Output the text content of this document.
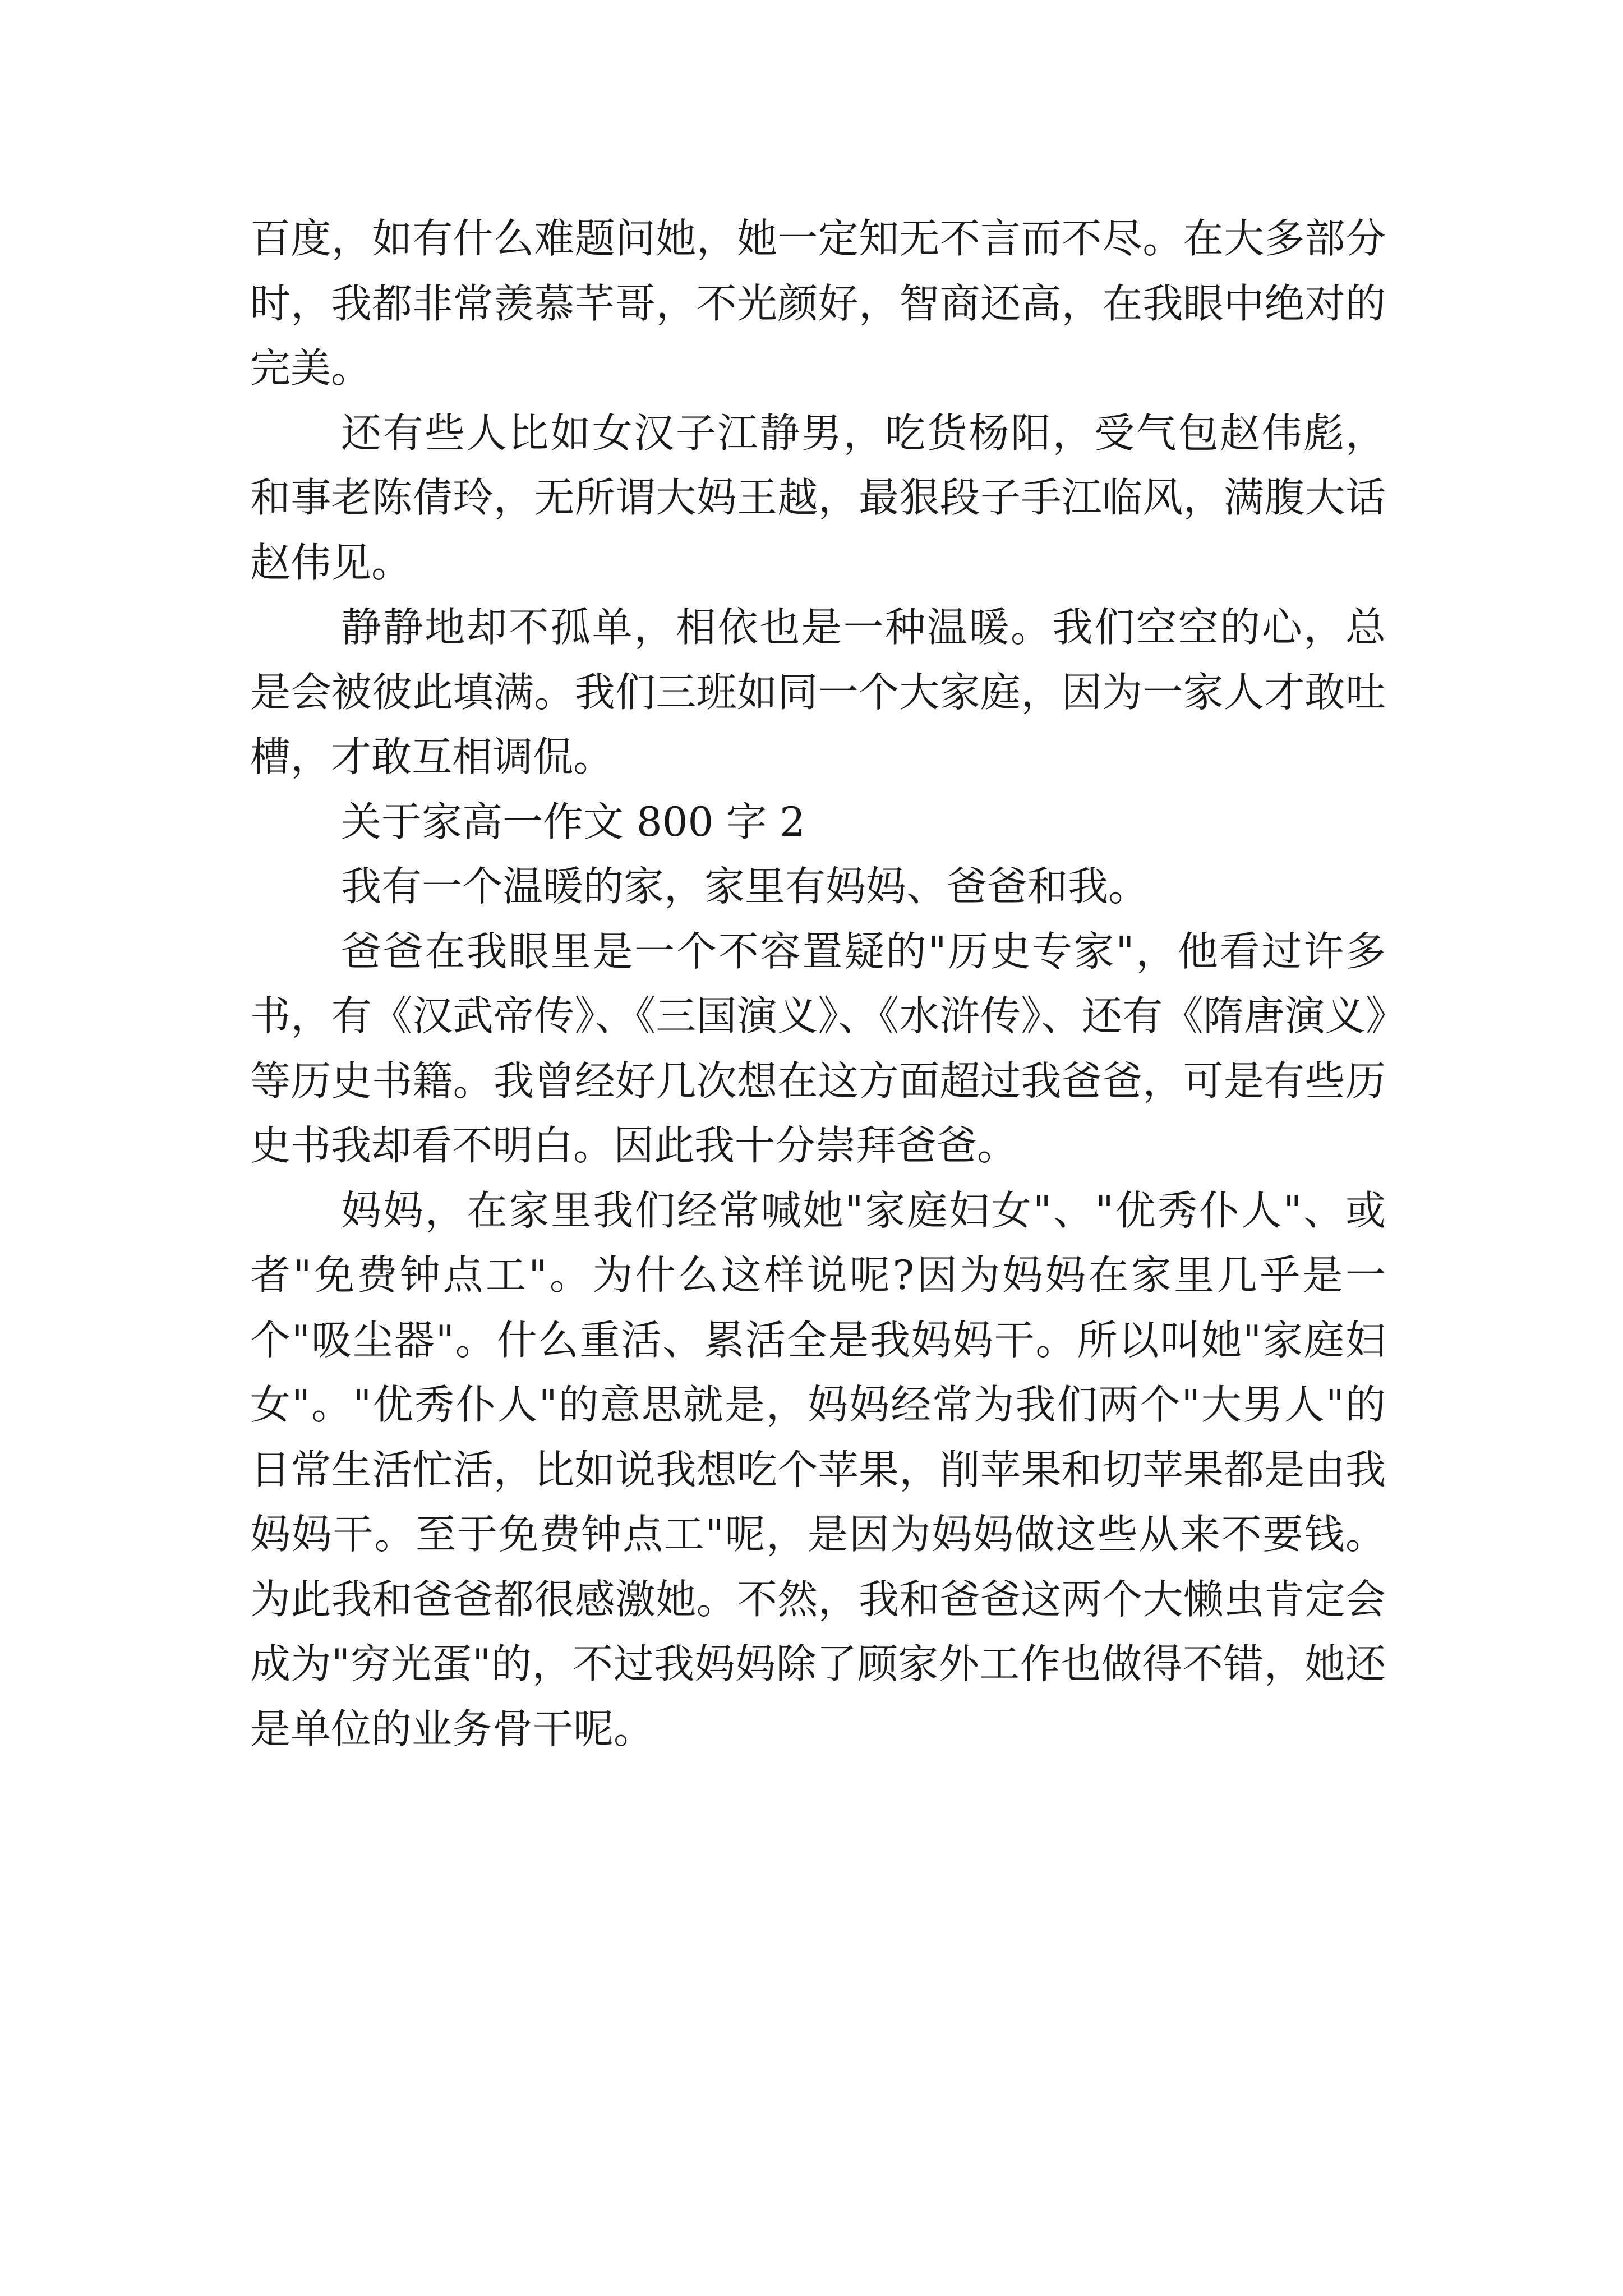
百度，如有什么难题问她，她一定知无不言而不尽。在大多部分时，我都非常羡慕芊哥，不光颜好，智商还高，在我眼中绝对的完美。

还有些人比如女汉子江静男，吃货杨阳，受气包赵伟彪，和事老陈倩玲，无所谓大妈王越，最狠段子手江临风，满腹大话赵伟见。

静静地却不孤单，相依也是一种温暖。我们空空的心，总是会被彼此填满。我们三班如同一个大家庭，因为一家人才敢吐槽，才敢互相调侃。

关于家高一作文 800 字 2

我有一个温暖的家，家里有妈妈、爸爸和我。

爸爸在我眼里是一个不容置疑的"历史专家"，他看过许多书，有《汉武帝传》、《三国演义》、《水浒传》、还有《隋唐演义》等历史书籍。我曾经好几次想在这方面超过我爸爸，可是有些历史书我却看不明白。因此我十分崇拜爸爸。

妈妈，在家里我们经常喊她"家庭妇女"、"优秀仆人"、或者"免费钟点工"。为什么这样说呢?因为妈妈在家里几乎是一个"吸尘器"。什么重活、累活全是我妈妈干。所以叫她"家庭妇女"。"优秀仆人"的意思就是，妈妈经常为我们两个"大男人"的日常生活忙活，比如说我想吃个苹果，削苹果和切苹果都是由我妈妈干。至于免费钟点工"呢，是因为妈妈做这些从来不要钱。为此我和爸爸都很感激她。不然，我和爸爸这两个大懒虫肯定会成为"穷光蛋"的，不过我妈妈除了顾家外工作也做得不错，她还是单位的业务骨干呢。
